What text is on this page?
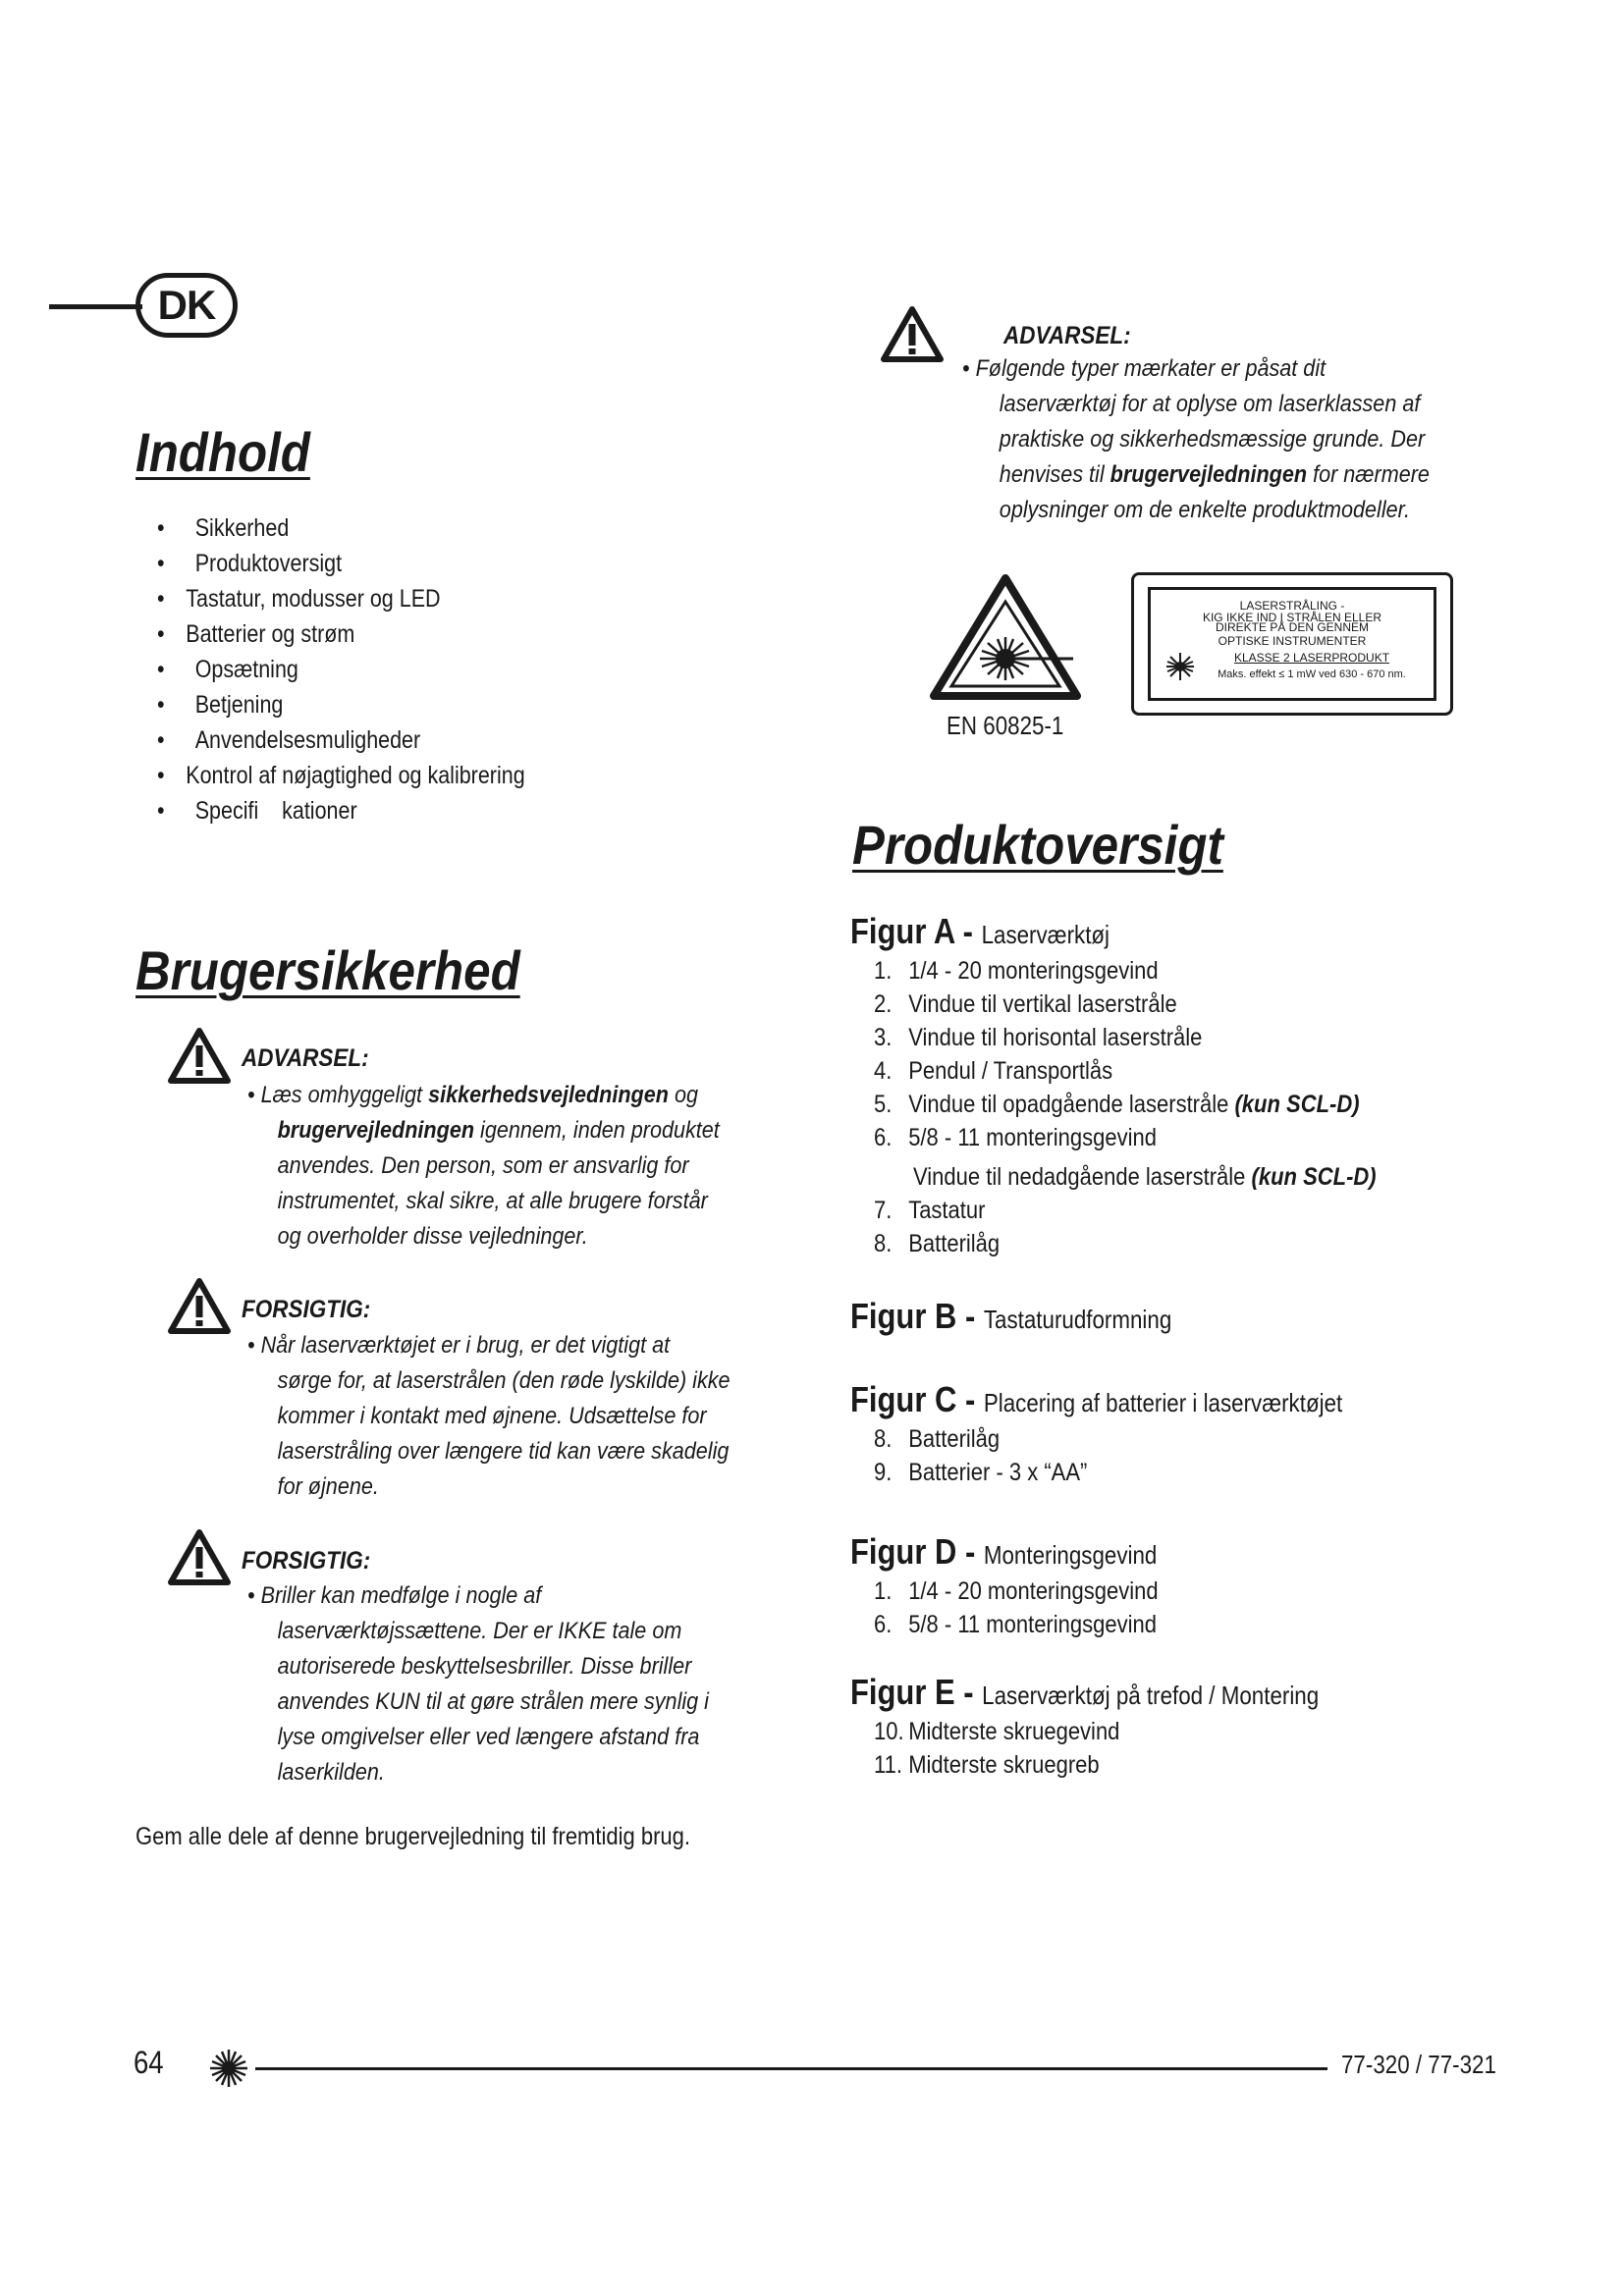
DK
Indhold
• Sikkerhed
• Produktoversigt
• Tastatur, modusser og LED
• Batterier og strøm
• Opsætning
• Betjening
• Anvendelsesmuligheder
• Kontrol af nøjagtighed og kalibrering
• Specifi    kationer
Brugersikkerhed
ADVARSEL:
• Læs omhyggeligt sikkerhedsvejledningen og
brugervejledningen igennem, inden produktet
anvendes. Den person, som er ansvarlig for
instrumentet, skal sikre, at alle brugere forstår
og overholder disse vejledninger.
FORSIGTIG:
• Når laserværktøjet er i brug, er det vigtigt at
sørge for, at laserstrålen (den røde lyskilde) ikke
kommer i kontakt med øjnene. Udsættelse for
laserstråling over længere tid kan være skadelig
for øjnene.
FORSIGTIG:
• Briller kan medfølge i nogle af
laserværktøjssættene. Der er IKKE tale om
autoriserede beskyttelsesbriller. Disse briller
anvendes KUN til at gøre strålen mere synlig i
lyse omgivelser eller ved længere afstand fra
laserkilden.
Gem alle dele af denne brugervejledning til fremtidig brug.
ADVARSEL:
• Følgende typer mærkater er påsat dit
laserværktøj for at oplyse om laserklassen af
praktiske og sikkerhedsmæssige grunde. Der
henvises til brugervejledningen for nærmere
oplysninger om de enkelte produktmodeller.
LASERSTRÅLING -
KIG IKKE IND I STRÅLEN ELLER
DIREKTE PÅ DEN GENNEM
OPTISKE INSTRUMENTER
KLASSE 2 LASERPRODUKT
Maks. effekt ≤ 1 mW ved 630 - 670 nm.
EN 60825-1
Produktoversigt
Figur A - Laserværktøj
1. 1/4 - 20 monteringsgevind
2. Vindue til vertikal laserstråle
3. Vindue til horisontal laserstråle
4. Pendul / Transportlås
5. Vindue til opadgående laserstråle (kun SCL-D)
6. 5/8 - 11 monteringsgevind
Vindue til nedadgående laserstråle (kun SCL-D)
7. Tastatur
8. Batterilåg
Figur B - Tastaturudformning
Figur C - Placering af batterier i laserværktøjet
8. Batterilåg
9. Batterier - 3 x “AA”
Figur D - Monteringsgevind
1. 1/4 - 20 monteringsgevind
6. 5/8 - 11 monteringsgevind
Figur E - Laserværktøj på trefod / Montering
10. Midterste skruegevind
11. Midterste skruegreb
64	77-320 / 77-321
